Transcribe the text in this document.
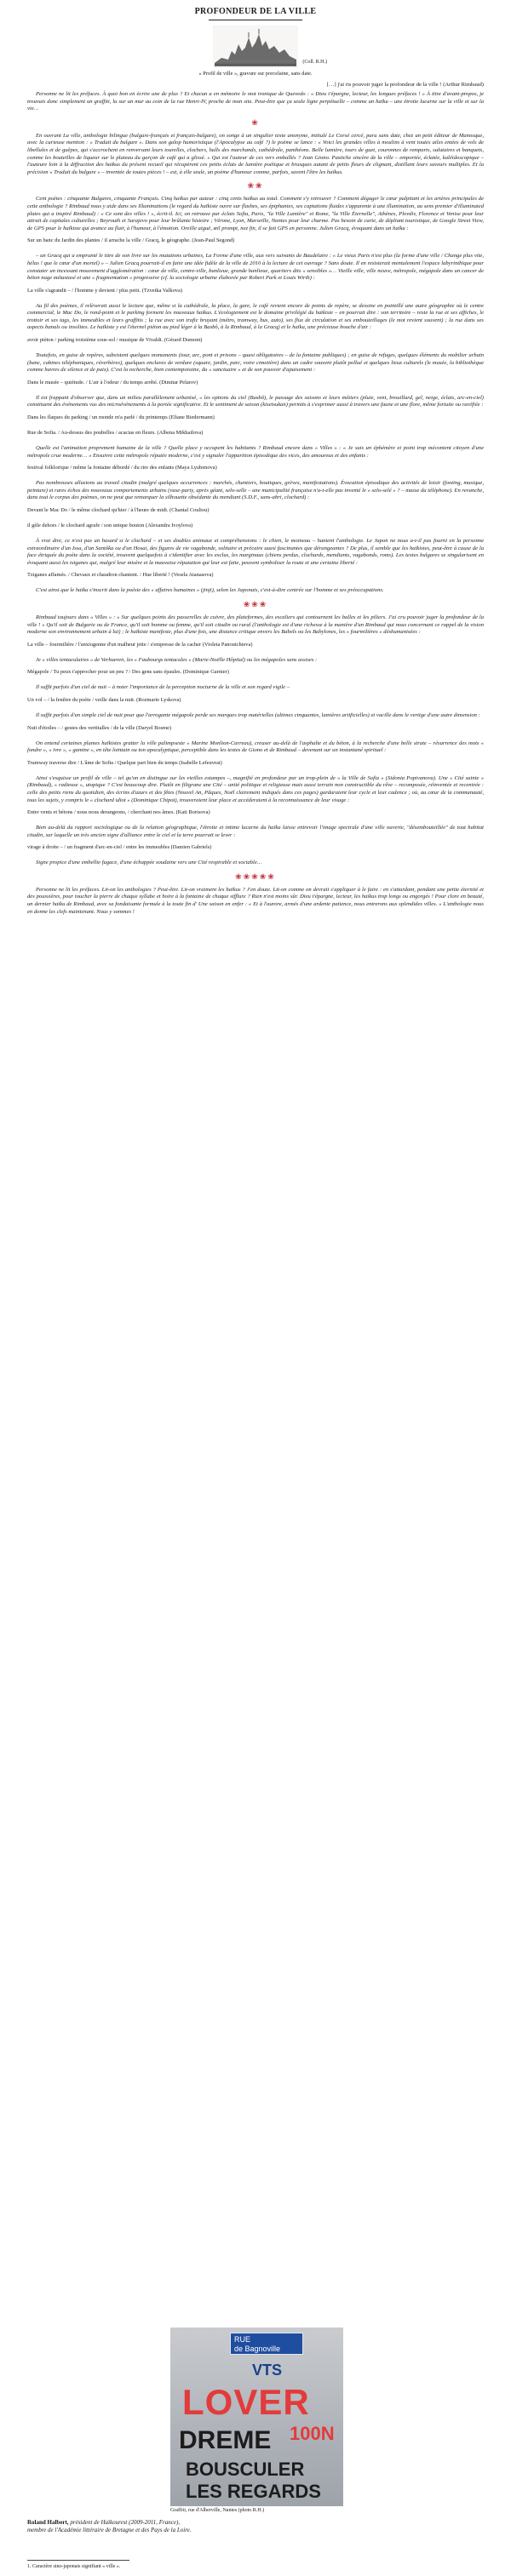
PROFONDEUR DE LA VILLE
(Coll. R.H.)
« Profil de ville », gravure sur porcelaine, sans date.
[…] j'ai ris pouvoir juger la profondeur de la ville ! (Arthur Rimbaud)

Personne ne lit les préfaces. À quoi bon en écrire une de plus ? Et chacun a en mémoire le mot ironique de Quevedo : « Dieu t'épargne, lecteur, les longues préfaces ! » À titre d'avant-propos, je trouvais donc simplement un graffiti, lu sur un mur au coin de la rue Henri-IV, proche de mon site. Peut-être que ça seule ligne perpétuelle – comme un haïku – une étroite lucarne sur la ville et sur la vie…

❀

En ouvrant La ville, anthologie bilingue (bulgare-français et français-bulgare), on songe à un singulier texte anonyme, intitulé Le Corsé cercé, paru sans date, chez un petit éditeur de Manosque, avec la curieuse mention : « Traduit du bulgare ». Dans son galop humoristique (l'Apocalypse au café ?) le poème se lance : « Voici les grandes villes à moulins à vent toutes ailes entées de vols de libellules et de guêpes, qui s'accrochent en renversant leurs tourelles, clochers, halls des marchands, cathédrale, panthéons. Belle lumière, tours de guet, couronnes de remparts, salutaires et banquets, comme les bouteilles de liqueur sur le plateau du garçon de café qui a glissé. » Qui est l'auteur de ces vers emballés ? Jean Giono. Pastiche sincère de la ville – emportée, éclatée, kaléidoscopique – l'auteure loin à la diffraction des haïkus du présent recueil qui récupèrent ces petits éclats de lumière poétique et brusques autant de petits fleurs de clignant, distillant leurs saveurs multiples. Et la précision « Traduit du bulgare » – inventée de toutes pièces ! – est, à elle seule, un poème d'humour comme, parfois, savent l'être les haïkus.

❀❀

Cent poètes : cinquante Bulgares, cinquante Français. Cinq haïkus par auteur : cinq cents haïkus au total. Comment s'y retrouver ? Comment dégager le cœur palpitant et les artères principales de cette anthologie ? Rimbaud nous y aide dans ses Illuminations (le regard du haïkiste ouvre sur flashes, ses épiphanies, ses captations fluides s'apparente à une illumination, au sens premier d'illuminated plates qui a inspiré Rimbaud) : « Ce sont des villes ! », écrit-il. Ici, on retrouve par éclats Sofia, Paris, "la Ville Lumière" et Rome, "la Ville Éternelle", Athènes, Plovdiv, Florence et Venise pour leur attrait de capitales culturelles ; Beyrouth et Sarajevo pour leur brûlante histoire ; Vérone, Lyon, Marseille, Nantes pour leur charme. Pas besoin de carte, de dépliant touristique, de Google Street View, de GPS pour le haïkiste qui avance au flair, à l'humeur, à l'émotion. Oreille aiguë, œil prompt, nez fin, il se fait GPS en personne. Julien Gracq, évoquant dans un haïku :

Sur un banc du Jardin des plantes / il arrache la ville / Gracq, le géographe. (Jean-Paul Segond)

– un Gracq qui a emprunté le titre de son livre sur les mutations urbaines, La Forme d'une ville, aux vers suivants de Baudelaire : « Le vieux Paris n'est plus (la forme d'une ville / Change plus vite, hélas ! que le cœur d'un mortel) » – Julien Gracq pourrait-il en faire une idée fidèle de la ville de 2010 à la lecture de cet ouvrage ? Sans doute. Il en resisterait mentalement l'espace labyrinthique pour constater un incessant mouvement d'agglomération : cœur de ville, centre-ville, banlieue, grande banlieue, quartiers dits « sensibles »… Vieille ville, ville neuve, métropole, mégapole dans un cancer de béton nage métastasé et une « fragmentation » progressive (cf. la sociologie urbaine élaborée par Robert Park et Louis Wirth) :

La ville s'agrandit – / l'homme y devient / plus petit. (Tzvetka Valkova)

Au fil des poèmes, il relèverait aussi le lecture que, même si la cathédrale, la place, la gare, le café revient encore de points de repère, se dessine en pointillé une autre géographie où le centre commercial, le Mac Do, le rond-point et le parking forment les nouveaux haïkus. L'écologiement est le domaine privilégié du haïkiste – en pourrait dire : son territoire – reste la rue et ses affiches, le trottoir et ses tags, les immeubles et leurs graffitis ; la rue avec son trafic bruyant (métro, tramway, bus, auto), ses flux de circulation et ses embouteillages (le mot revient souvent) ; la rue dans ses aspects banals ou insolites. Le haïkiste y est l'éternel piéton au pied léger à la Basbô, à la Rimbaud, à la Gracq) et le haïku, une précieuse bouche d'air :

avoir pièton / parking troisième sous-sol / musique de Vivaldi. (Gérard Dumont)

Toutefois, en guise de repères, subsistent quelques monuments (tour, arc, pont et prisons – quasi obligatoires – de la fontaine publiques) ; en guise de refuges, quelques éléments du mobilier urbain (banc, cabines téléphoniques, réverbères), quelques enclaves de verdure (square, jardin, parc, voire cimetière) dans un cadre souvent plutôt pollué et quelques lieux culturels (le musée, la bibliothèque comme havres de silence et de paix). C'est la recherche, bien contemporaine, du « sanctuaire » et de son pouvoir d'apaisement :

Dans le musée – quiétude. / L'air à l'odeur / du temps arrêté. (Dimitar Pelarov)

Il est frappant d'observer que, dans un milieu parallèlement urbanisé, « les options du ciel (Basbô), le passage des saisons et leurs métiers (pluie, vent, brouillard, gel, neige, éclats, arc-en-ciel) constituent des événements vus des microévénements à la portée significative. Et le sentiment de saison (kisetsukan) permits à s'exprimer aussi à travers une faune et une flore, même fortuite ou raréfiée :

Dans les flaques du parking / un monde m'a parlé / du printemps (Eliane Biedermann)
Rue de Sofia. / Au-dessus des poubelles / acacias en fleurs. (Albena Mikhailova)

Quelle est l'animation proprement humaine de la ville ? Quelle place y occupent les habitants ? Rimbaud encore dans « Villes » : « Je suis un éphémère et point trop mécontent citoyen d'une métropole crue moderne… » Ensuivre cette métropole réputée moderne, c'est y signaler l'apparition épisodique des vices, des amoureux et des enfants :

festival folklorique / même la fontaine débordé / du rire des enfants (Maya Lyubenova)

Pas nombreuses allusions au travail citadin (malgré quelques occurrences : marchés, chantiers, boutiques, grèves, manifestations). Évocation épisodique des activités de loisir (footing, musique, peinture) et rares échos des nouveaux comportements urbains (vase-party, après géant, selo-selle – une municipalité française n'a-t-elle pas inventé le « selo-selé » ? – masse du téléphone). En revanche, dans tout le corpus des poèmes, on ne peut que remarquer la silhouette obsédante du mendiant (S.D.F., sans-abri, clochard) :

Devant le Mac Do / le même clochard qu'hier / à l'heure de midi. (Chantal Couliou)
il gèle dehors / le clochard agrafe / son unique bouton (Alexandra Ivoylova)

À vrai dire, ce n'est pas un hasard si le clochard – et ses doubles animaux et compréhensions : le chien, le moineau – hantent l'anthologie. Le Japon ne nous a-t-il pas fourni en la personne extraordinaire d'un Issa, d'un Santôka ou d'un Hosai, des figures de vie vagabonde, solitaire et précaire aussi fascinantes que dérangeantes ? De plus, il semble que les haïkistes, peut-être à cause de la face étriquée du poète dans la société, trouvent quelquefois à s'identifier avec les exclus, les marginaux (chiens perdus, clochards, mendiants, vagabonds, roms). Les textes bulgares se singularisent en évoquant aussi les tsiganes qui, malgré leur misère et la mauvaise réputation qui leur est faite, peuvent symboliser la route et une certaine liberté :

Tziganes affamés. / Chevaux et chaudron chantent. / Hue liberté ! (Vesela Atanasova)

C'est ainsi que le haïku s'inscrit dans la poésie des « affaires humaines » (jinji), selon les Japonais, c'est-à-dire centrée sur l'homme et ses préoccupations.

❀❀❀

Rimbaud toujours dans « Villes » : « Sur quelques points des passerelles de cuivre, des plateformes, des escaliers qui contournent les balles et les piliers. J'ai cru pouvoir juger la profondeur de la ville ! » Qu'il soit de Bulgarie ou de France, qu'il soit homme ou femme, qu'il soit citadin ou rural (l'anthologie est d'une richesse à la manière d'un Rimbaud qui nous concernant ce rappel de la vision moderne son environnement urbain à lui) ; le haïkiste manifeste, plus d'une fois, une distance critique envers les Babels ou les Babylones, les « fourmilières » déshumanisées :

La ville – fourmilière / l'anxiogenne d'un malheur jette / s'empresse de la cacher (Violeta Panoutchieva)

Je « villes tentaculaires » de Verhaeren, les « Faubourgs tentacules » (Marie-Noëlle Hôpital) ou les mégapoles sans assises :

Mégapole / Tu peux t'approcher pour un peu ? / Des gens sans épaules. (Dominique Garnier)

Il suffit parfois d'un ciel de nuit – à noter l'importance de la perception nocturne de la ville et son regard vigile –

Un vol – / la fenêtre du poète / veille dans la nuit. (Rozmarie Lyskova)

Il suffit parfois d'un simple ciel de nuit pour que l'arrogante mégapole perde ses marques trop matérielles (ultimes cinquantes, lumières artificielles) et vacille dans le vertige d'une autre dimension :

Nuit d'étoiles – / gestes des vertitalles / de la ville (Daryel Bosme)

On entend certaines plumes haïkistes gratter la ville palimpseste « Marine Monlion-Carreau), creuser au-delà de l'asphalte et du béton, à la recherche d'une belle strate – résurrence des mots « fondre », « ivre », « gamine », en tête lointain ou ton apocalyptique, perceptible dans les textes de Giono et de Rimbaud – devenant sur un instantané spirituel :

Tramway traverse dire / L'âme de Sofia / Quelque part bien du temps (Isabelle Lefeuvrat)

Ainsi s'esquisse un profil de ville – tel qu'on en distingue sur les vieilles estampes –, magnifié en profondeur par un trop-plein de « la Ville de Sofia » (Sidonia Popivanova). Une « Cité sainte » (Rimbaud), « radieuse », utopique ? C'est beaucoup dire. Plutôt en filigrane une Cité – unité politique et religieuse mais aussi terrain non constructible du rêve – recomposée, réinventée et recentrée : celle des petits riens du quotidien, des écrins d'azurs et des fêtes (Nouvel An, Pâques, Noël clairement indiqués dans ces pages) gardaraient leur cycle et leur cadence ; où, au cœur de la communauté, tous les sujets, y compris le « clochard idiot » (Dominique Chipot), trouveraient leur place et accéderaient à la reconnaissance de leur visage :

Entre vents et bétons / nous nous derangeons, / cherchant nos âmes. (Kati Borisova)

Bien au-delà du rapport sociologique ou de la relation géographique, l'étroite et intime lucarne du haïku laisse entrevoir l'image spectrale d'une ville ouverte, "désembouteillée" de tout habitat citadin, sur laquelle un très ancien signe d'alliance entre le ciel et la terre pourrait se lever :

virage à droite – / un fragment d'arc-en-ciel / entre les immeubles (Damien Gabriels)

Signe propice d'une embellie fugace, d'une échappée soudaine vers une Cité respirable et sociable…

❀❀❀❀❀

Personne ne lit les préfaces. Lit-on les anthologies ? Peut-être. Lit-on vraiment les haïkus ? J'en doute. Lit-on comme on devrait s'appliquer à le faire : en s'attardant, pendant une petite éternité et des poussières, pour toucher la pierre de chaque syllabe et boire à la fontaine de chaque sifflure ? Rien n'est moins sûr. Dieu t'épargne, lecteur, les haïkus trop longs ou engorgés ! Pour clore en beauté, un dernier haïku de Rimbaud, avec sa fondaisante formule à la toute fin d' Une saison en enfer : « Et à l'aurore, armés d'une ardente patience, nous entrerons aux splendides villes. » L'anthologie nous en donne les clefs maintenant. Nous y sommes !

RUE
de Bagnoville
VTS
LOVER
100N
DREME
BOUSCULER
LES REGARDS
Graffiti, rue d'Alberville, Nantes (photo R.H.)
Roland Halbert, président de Haïkourest (2009-2011, France),
membre de l'Académie littéraire de Bretagne et des Pays de la Loire.
1. Caractère sino-japonais signifiant « ville ».
